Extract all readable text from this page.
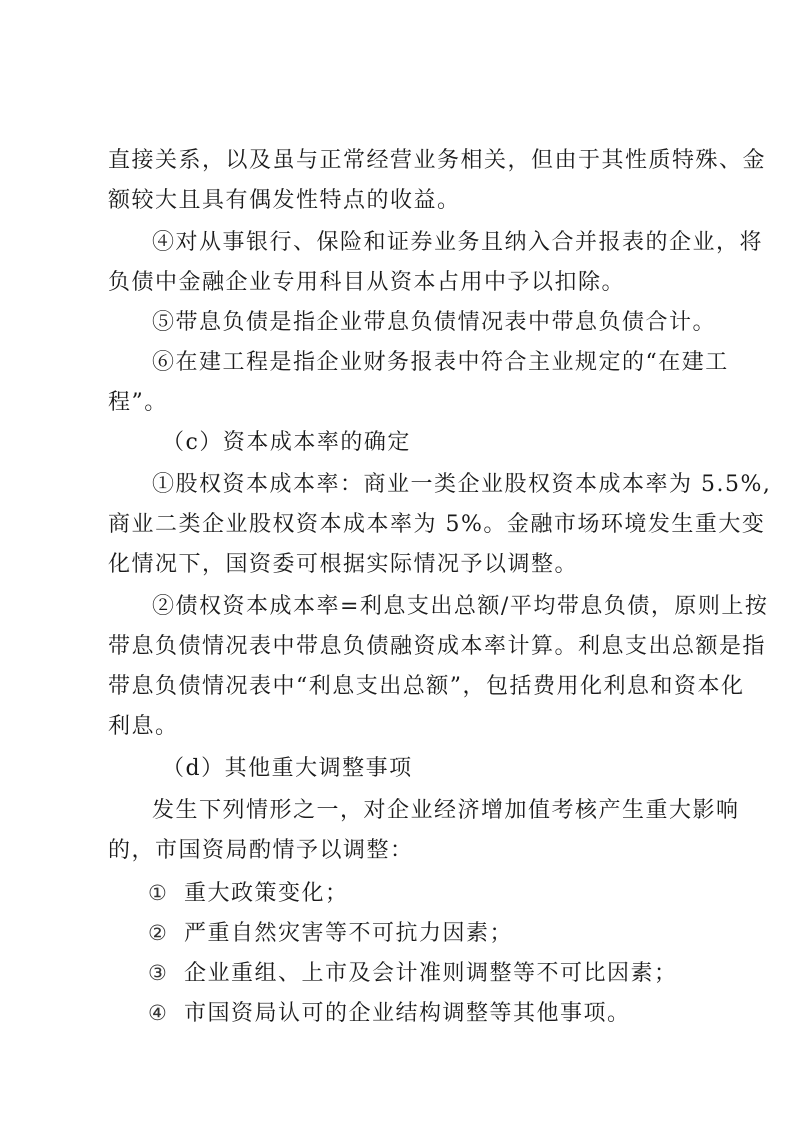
直接关系，以及虽与正常经营业务相关，但由于其性质特殊、金
额较大且具有偶发性特点的收益。
④对从事银行、保险和证券业务且纳入合并报表的企业，将
负债中金融企业专用科目从资本占用中予以扣除。
⑤带息负债是指企业带息负债情况表中带息负债合计。
⑥在建工程是指企业财务报表中符合主业规定的“在建工
程”。
（c）资本成本率的确定
①股权资本成本率：商业一类企业股权资本成本率为 5.5%,
商业二类企业股权资本成本率为 5%。金融市场环境发生重大变
化情况下，国资委可根据实际情况予以调整。
②债权资本成本率=利息支出总额/平均带息负债，原则上按
带息负债情况表中带息负债融资成本率计算。利息支出总额是指
带息负债情况表中“利息支出总额”，包括费用化利息和资本化
利息。
（d）其他重大调整事项
发生下列情形之一，对企业经济增加值考核产生重大影响
的，市国资局酌情予以调整：
① 重大政策变化；
② 严重自然灾害等不可抗力因素；
③ 企业重组、上市及会计准则调整等不可比因素；
④ 市国资局认可的企业结构调整等其他事项。
